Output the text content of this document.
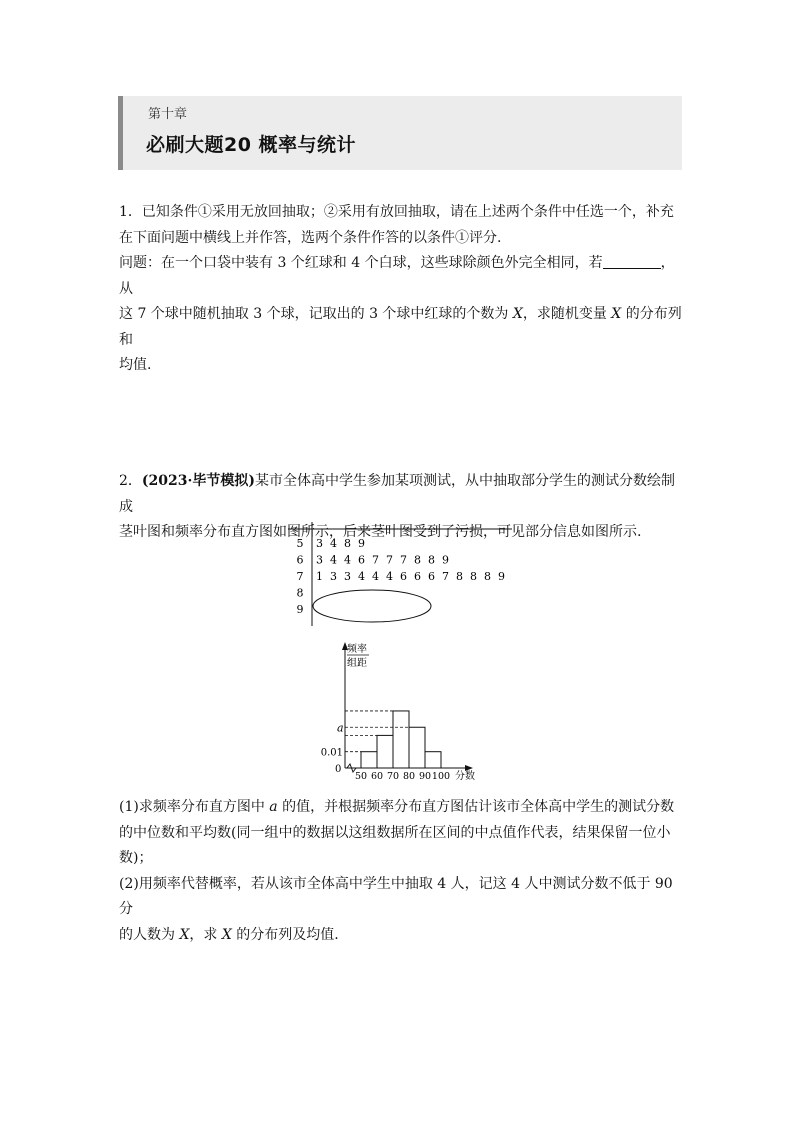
第十章
必刷大题20 概率与统计
1．已知条件①采用无放回抽取；②采用有放回抽取，请在上述两个条件中任选一个，补充
在下面问题中横线上并作答，选两个条件作答的以条件①评分.
问题：在一个口袋中装有 3 个红球和 4 个白球，这些球除颜色外完全相同，若	，从
这 7 个球中随机抽取 3 个球，记取出的 3 个球中红球的个数为 X，求随机变量 X 的分布列和
均值.
2．(2023·毕节模拟)某市全体高中学生参加某项测试，从中抽取部分学生的测试分数绘制成
茎叶图和频率分布直方图如图所示，后来茎叶图受到了污损，可见部分信息如图所示.
5 3 4 8 9
6 3 4 4 6 7 7 7 8 8 9
7 1 3 3 4 4 4 6 6 6 7 8 8 8 9
8
9
频率
组距
0
0.01
a
50 60 70 80 90 100 分数
(1)求频率分布直方图中 a 的值，并根据频率分布直方图估计该市全体高中学生的测试分数
的中位数和平均数(同一组中的数据以这组数据所在区间的中点值作代表，结果保留一位小
数)；
(2)用频率代替概率，若从该市全体高中学生中抽取 4 人，记这 4 人中测试分数不低于 90 分
的人数为 X，求 X 的分布列及均值.
